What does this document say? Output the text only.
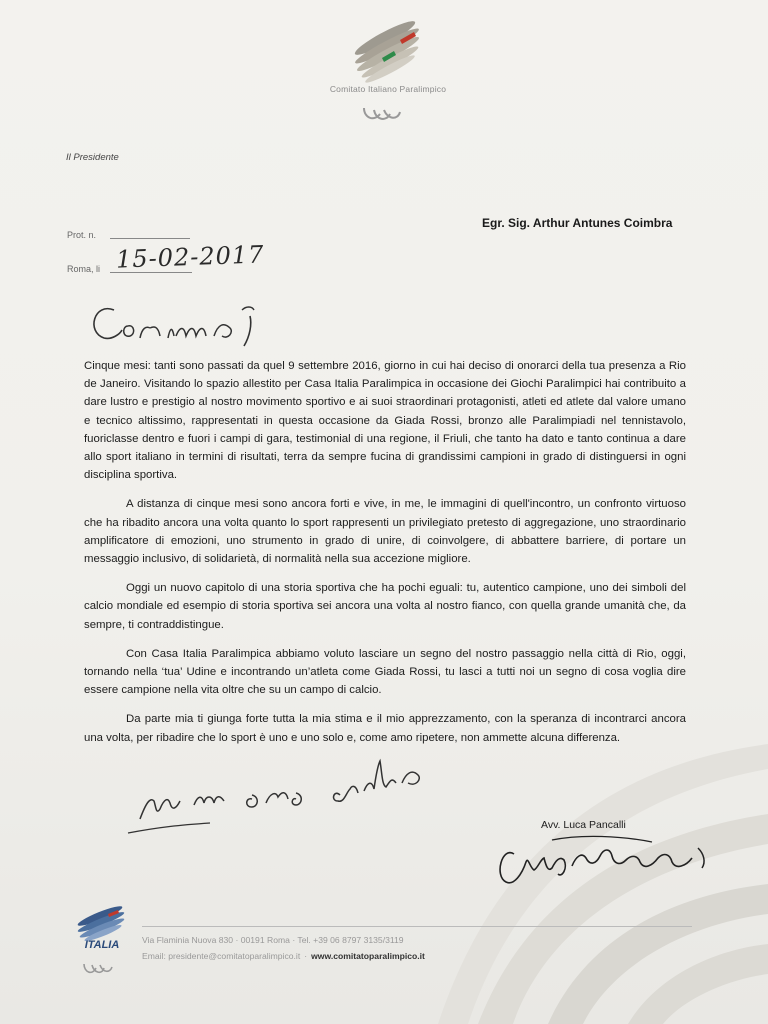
Comitato Italiano Paralimpico
Il Presidente
Egr. Sig. Arthur Antunes Coimbra
Prot. n.
Roma, li 15-02-2017

Cinque mesi: tanti sono passati da quel 9 settembre 2016, giorno in cui hai deciso di onorarci della tua presenza a Rio de Janeiro. Visitando lo spazio allestito per Casa Italia Paralimpica in occasione dei Giochi Paralimpici hai contribuito a dare lustro e prestigio al nostro movimento sportivo e ai suoi straordinari protagonisti, atleti ed atlete dal valore umano e tecnico altissimo, rappresentati in questa occasione da Giada Rossi, bronzo alle Paralimpiadi nel tennistavolo, fuoriclasse dentro e fuori i campi di gara, testimonial di una regione, il Friuli, che tanto ha dato e tanto continua a dare allo sport italiano in termini di risultati, terra da sempre fucina di grandissimi campioni in grado di distinguersi in ogni disciplina sportiva.

A distanza di cinque mesi sono ancora forti e vive, in me, le immagini di quell'incontro, un confronto virtuoso che ha ribadito ancora una volta quanto lo sport rappresenti un privilegiato pretesto di aggregazione, uno straordinario amplificatore di emozioni, uno strumento in grado di unire, di coinvolgere, di abbattere barriere, di portare un messaggio inclusivo, di solidarietà, di normalità nella sua accezione migliore.

Oggi un nuovo capitolo di una storia sportiva che ha pochi eguali: tu, autentico campione, uno dei simboli del calcio mondiale ed esempio di storia sportiva sei ancora una volta al nostro fianco, con quella grande umanità che, da sempre, ti contraddistingue.

Con Casa Italia Paralimpica abbiamo voluto lasciare un segno del nostro passaggio nella città di Rio, oggi, tornando nella ‘tua’ Udine e incontrando un’atleta come Giada Rossi, tu lasci a tutti noi un segno di cosa voglia dire essere campione nella vita oltre che su un campo di calcio.

Da parte mia ti giunga forte tutta la mia stima e il mio apprezzamento, con la speranza di incontrarci ancora una volta, per ribadire che lo sport è uno e uno solo e, come amo ripetere, non ammette alcuna differenza.

Avv. Luca Pancalli
ITALIA	Via Flaminia Nuova 830 · 00191 Roma · Tel. +39 06 8797 3135/3119
Email: presidente@comitatoparalimpico.it · www.comitatoparalimpico.it
